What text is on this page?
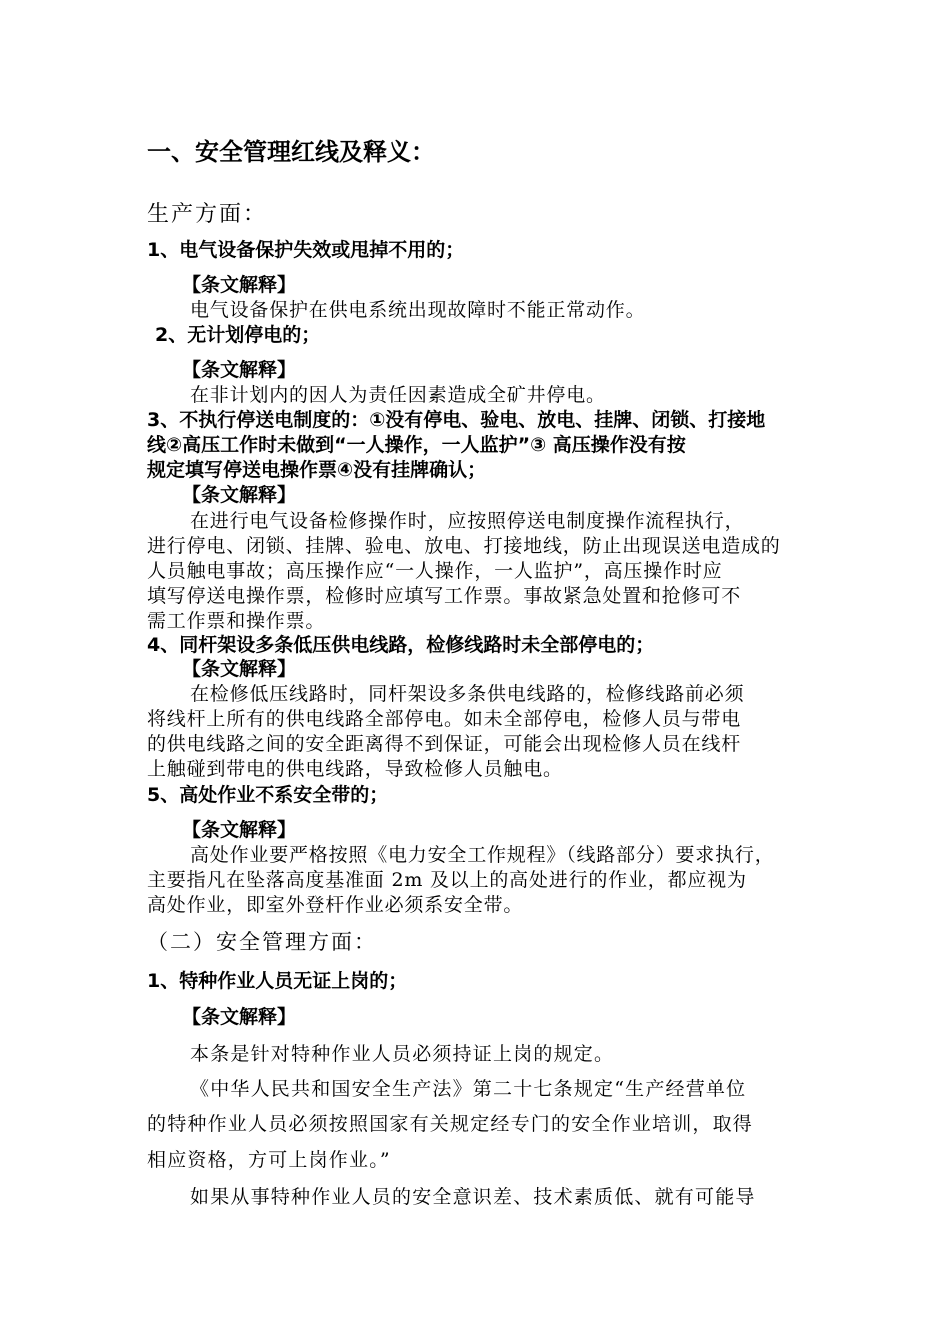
一、安全管理红线及释义：
生产方面：
1、电气设备保护失效或甩掉不用的；
【条文解释】
电气设备保护在供电系统出现故障时不能正常动作。
2、无计划停电的；
【条文解释】
在非计划内的因人为责任因素造成全矿井停电。
3、不执行停送电制度的：①没有停电、验电、放电、挂牌、闭锁、打接地
线②高压工作时未做到“一人操作，一人监护”③ 高压操作没有按
规定填写停送电操作票④没有挂牌确认；
【条文解释】
在进行电气设备检修操作时，应按照停送电制度操作流程执行，
进行停电、闭锁、挂牌、验电、放电、打接地线，防止出现误送电造成的
人员触电事故；高压操作应“一人操作，一人监护”，高压操作时应
填写停送电操作票，检修时应填写工作票。事故紧急处置和抢修可不
需工作票和操作票。
4、同杆架设多条低压供电线路，检修线路时未全部停电的；
【条文解释】
在检修低压线路时，同杆架设多条供电线路的，检修线路前必须
将线杆上所有的供电线路全部停电。如未全部停电，检修人员与带电
的供电线路之间的安全距离得不到保证，可能会出现检修人员在线杆
上触碰到带电的供电线路，导致检修人员触电。
5、高处作业不系安全带的；
【条文解释】
高处作业要严格按照《电力安全工作规程》（线路部分）要求执行，
主要指凡在坠落高度基准面 2m 及以上的高处进行的作业，都应视为
高处作业，即室外登杆作业必须系安全带。
（二）安全管理方面：
1、特种作业人员无证上岗的；
【条文解释】
本条是针对特种作业人员必须持证上岗的规定。
《中华人民共和国安全生产法》第二十七条规定“生产经营单位
的特种作业人员必须按照国家有关规定经专门的安全作业培训，取得
相应资格，方可上岗作业。”
如果从事特种作业人员的安全意识差、技术素质低、就有可能导
